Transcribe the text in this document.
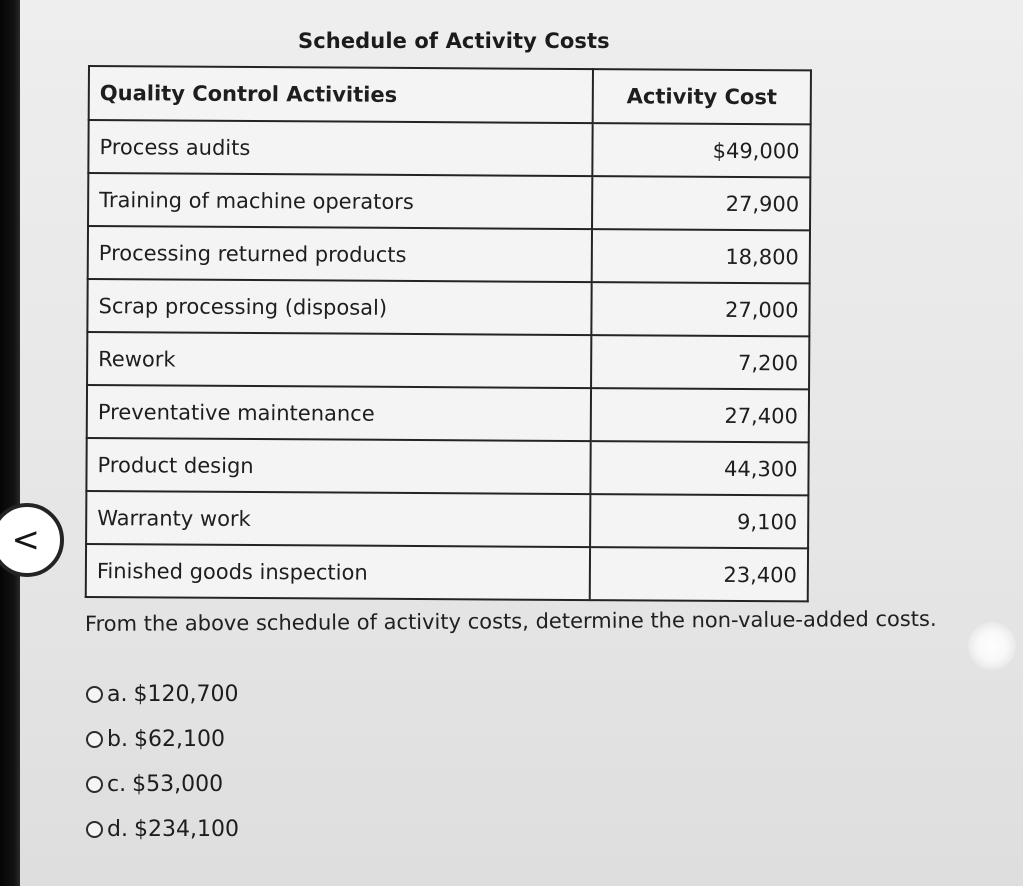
Schedule of Activity Costs
Quality Control Activities	Activity Cost
Process audits	$49,000
Training of machine operators	27,900
Processing returned products	18,800
Scrap processing (disposal)	27,000
Rework	7,200
Preventative maintenance	27,400
Product design	44,300
Warranty work	9,100
Finished goods inspection	23,400
From the above schedule of activity costs, determine the non-value-added costs.
a. $120,700
b. $62,100
c. $53,000
d. $234,100
<
